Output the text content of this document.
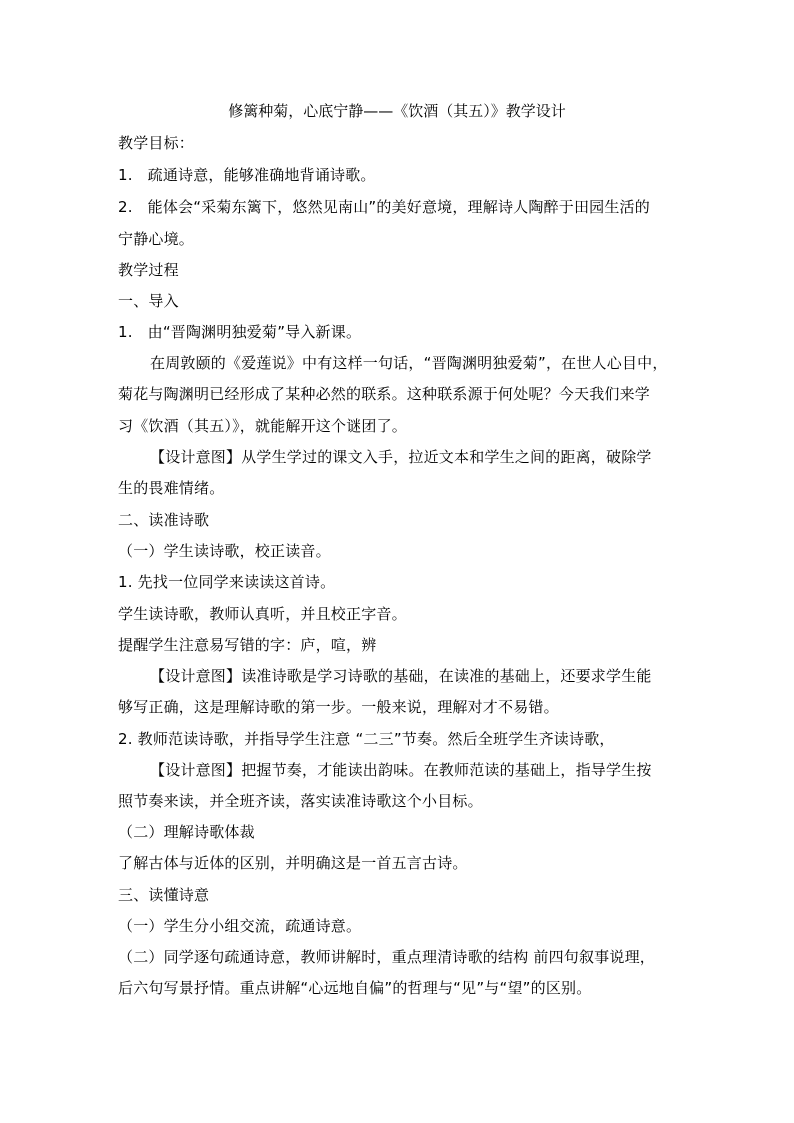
修篱种菊，心底宁静——《饮酒（其五）》教学设计
教学目标：
1.   疏通诗意，能够准确地背诵诗歌。
2.   能体会“采菊东篱下，悠然见南山”的美好意境，理解诗人陶醉于田园生活的
宁静心境。
教学过程
一、导入
1.   由“晋陶渊明独爱菊”导入新课。
在周敦颐的《爱莲说》中有这样一句话，“晋陶渊明独爱菊”，在世人心目中，
菊花与陶渊明已经形成了某种必然的联系。这种联系源于何处呢？今天我们来学
习《饮酒（其五）》，就能解开这个谜团了。
【设计意图】从学生学过的课文入手，拉近文本和学生之间的距离，破除学
生的畏难情绪。
二、读准诗歌
（一）学生读诗歌，校正读音。
1. 先找一位同学来读读这首诗。
学生读诗歌，教师认真听，并且校正字音。
提醒学生注意易写错的字：庐，喧，辨
【设计意图】读准诗歌是学习诗歌的基础，在读准的基础上，还要求学生能
够写正确，这是理解诗歌的第一步。一般来说，理解对才不易错。
2. 教师范读诗歌，并指导学生注意 “二三”节奏。然后全班学生齐读诗歌，
【设计意图】把握节奏，才能读出韵味。在教师范读的基础上，指导学生按
照节奏来读，并全班齐读，落实读准诗歌这个小目标。
（二）理解诗歌体裁
了解古体与近体的区别，并明确这是一首五言古诗。
三、读懂诗意
（一）学生分小组交流，疏通诗意。
（二）同学逐句疏通诗意，教师讲解时，重点理清诗歌的结构 前四句叙事说理，
后六句写景抒情。重点讲解“心远地自偏”的哲理与“见”与“望”的区别。
